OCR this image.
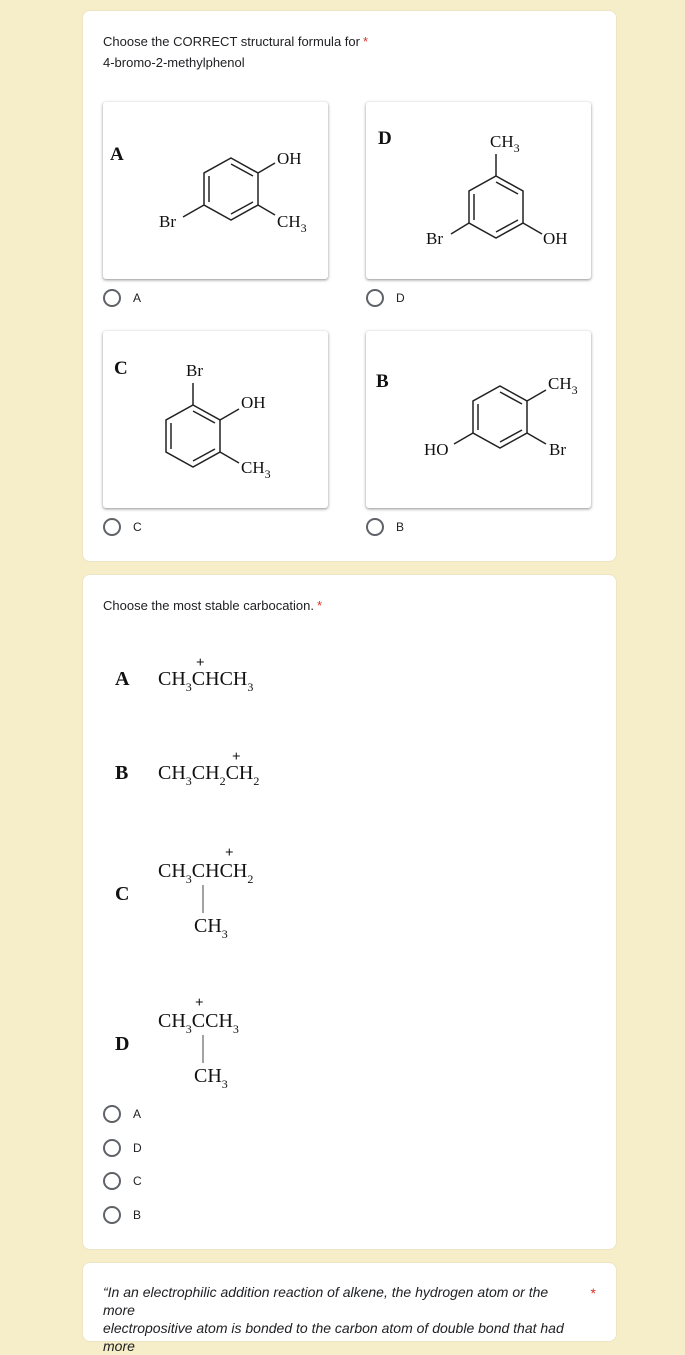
Choose the CORRECT structural formula for *
4-bromo-2-methylphenol
A	OH
$CH_3$
Br
A
D	$CH_3$
Br	OH
D
C	Br
OH
$CH_3$
C
B	$CH_3$
Br
HO
B
Choose the most stable carbocation. *
A $CH_3CHCH_3$
+
B $CH_3CH_2CH_2$
+
C
$CH_3CHCH_2$
+
$CH_3$
D
$CH_3CCH_3$
+
$CH_3$
A
D
C
B
“In an electrophilic addition reaction of alkene, the hydrogen atom or the more
electropositive atom is bonded to the carbon atom of double bond that had more
*
